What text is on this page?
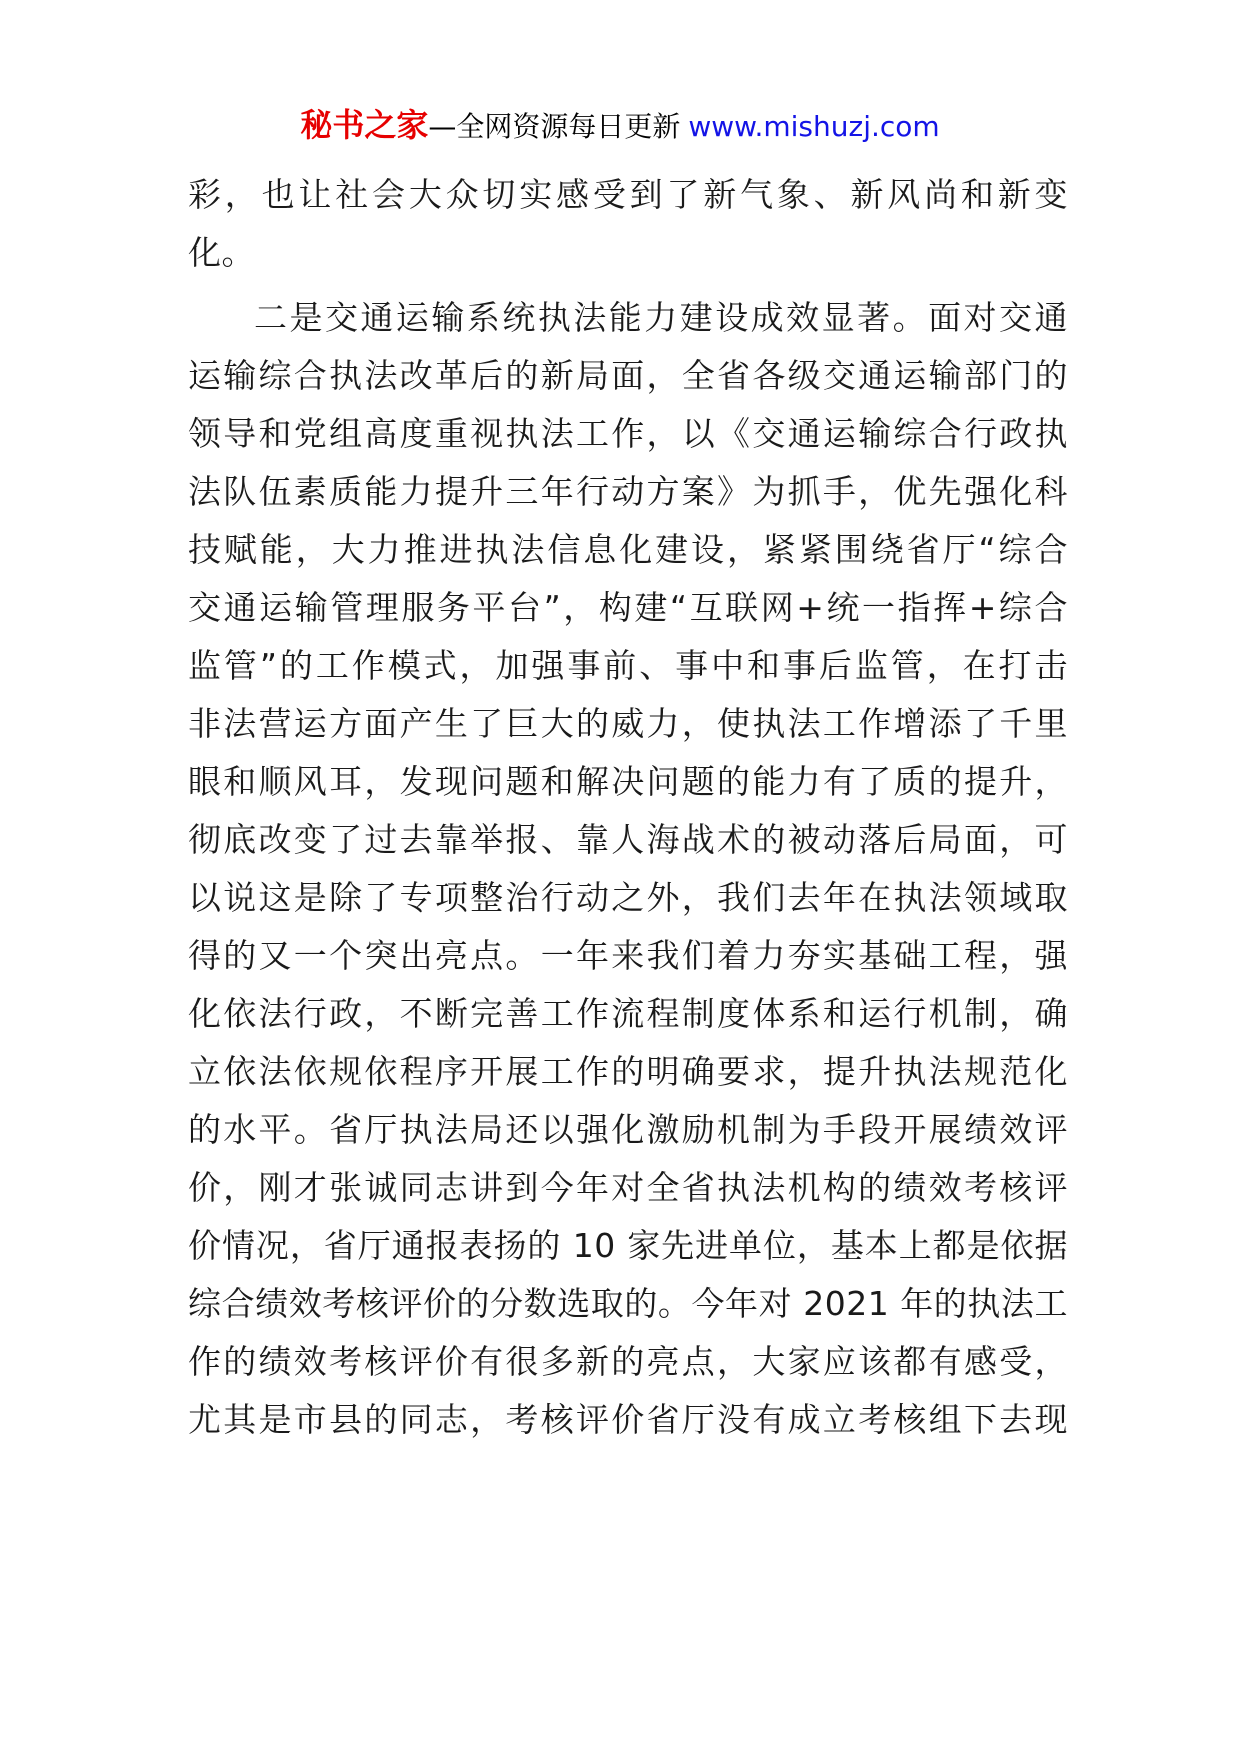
秘书之家—全网资源每日更新 www.mishuzj.com
彩，也让社会大众切实感受到了新气象、新风尚和新变
化。
二是交通运输系统执法能力建设成效显著。面对交通
运输综合执法改革后的新局面，全省各级交通运输部门的
领导和党组高度重视执法工作，以《交通运输综合行政执
法队伍素质能力提升三年行动方案》为抓手，优先强化科
技赋能，大力推进执法信息化建设，紧紧围绕省厅“综合
交通运输管理服务平台”，构建“互联网+统一指挥+综合
监管”的工作模式，加强事前、事中和事后监管，在打击
非法营运方面产生了巨大的威力，使执法工作增添了千里
眼和顺风耳，发现问题和解决问题的能力有了质的提升，
彻底改变了过去靠举报、靠人海战术的被动落后局面，可
以说这是除了专项整治行动之外，我们去年在执法领域取
得的又一个突出亮点。一年来我们着力夯实基础工程，强
化依法行政，不断完善工作流程制度体系和运行机制，确
立依法依规依程序开展工作的明确要求，提升执法规范化
的水平。省厅执法局还以强化激励机制为手段开展绩效评
价，刚才张诚同志讲到今年对全省执法机构的绩效考核评
价情况，省厅通报表扬的 10 家先进单位，基本上都是依据
综合绩效考核评价的分数选取的。今年对 2021 年的执法工
作的绩效考核评价有很多新的亮点，大家应该都有感受，
尤其是市县的同志，考核评价省厅没有成立考核组下去现
